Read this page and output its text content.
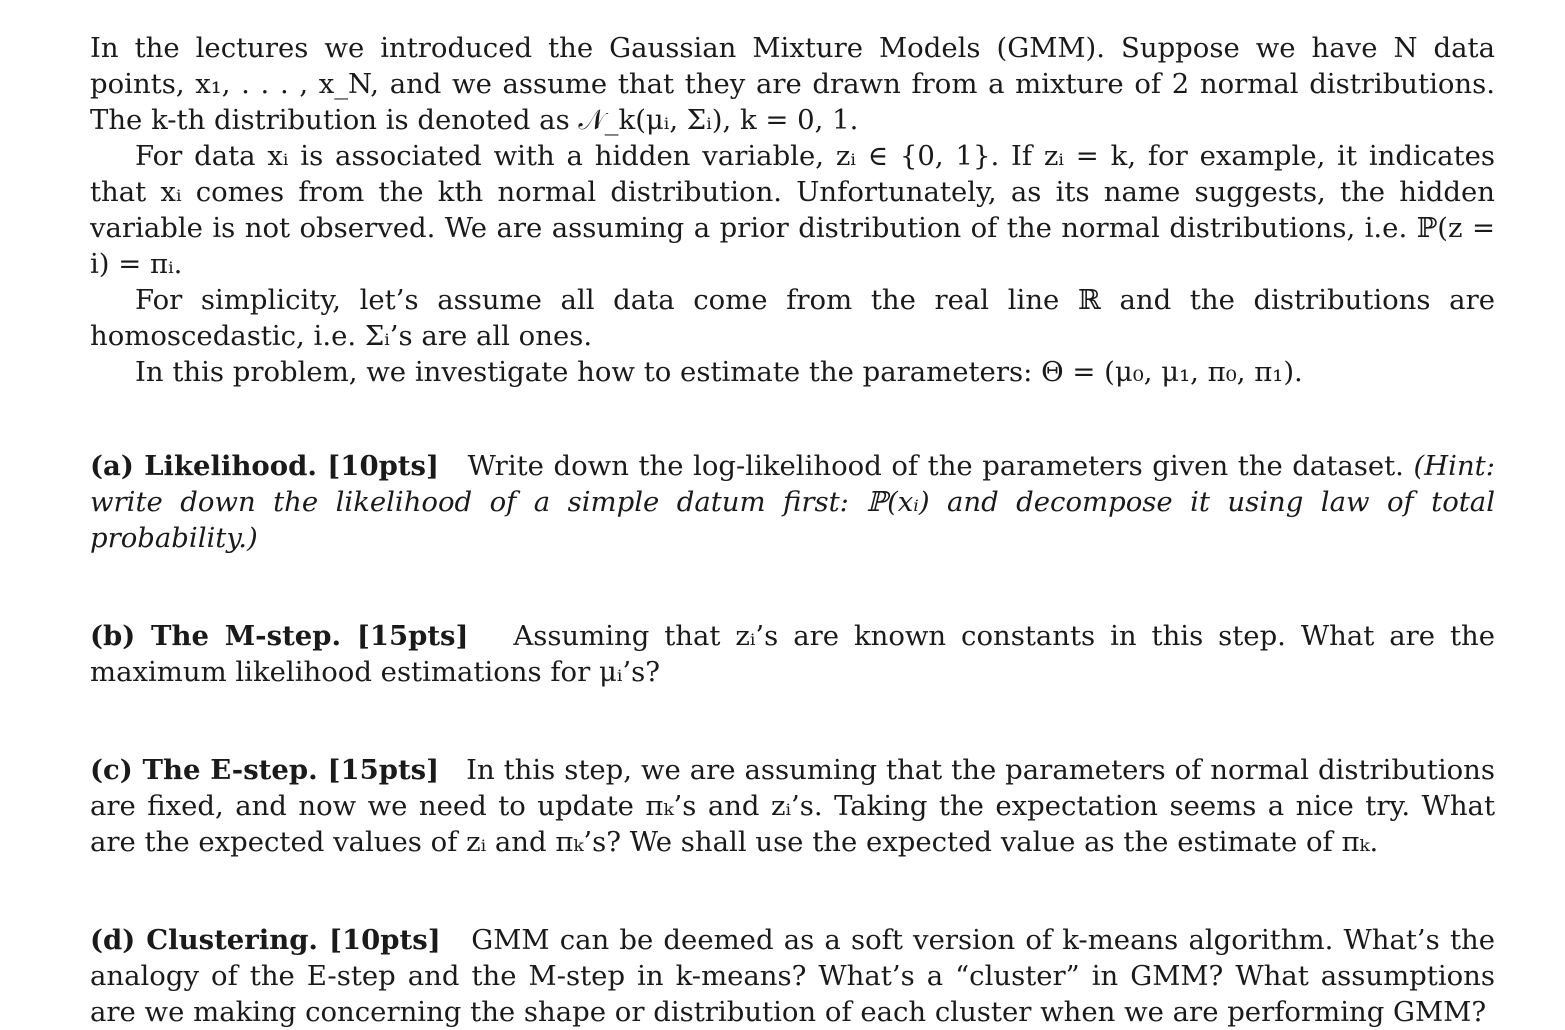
In the lectures we introduced the Gaussian Mixture Models (GMM). Suppose we have N data points, x₁, . . . , x_N, and we assume that they are drawn from a mixture of 2 normal distributions. The k-th distribution is denoted as 𝒩_k(μᵢ, Σᵢ), k = 0, 1.

For data xᵢ is associated with a hidden variable, zᵢ ∈ {0, 1}. If zᵢ = k, for example, it indicates that xᵢ comes from the kth normal distribution. Unfortunately, as its name suggests, the hidden variable is not observed. We are assuming a prior distribution of the normal distributions, i.e. ℙ(z = i) = πᵢ.

For simplicity, let’s assume all data come from the real line ℝ and the distributions are homoscedastic, i.e. Σᵢ’s are all ones.

In this problem, we investigate how to estimate the parameters: Θ = (μ₀, μ₁, π₀, π₁).

(a) Likelihood. [10pts] Write down the log-likelihood of the parameters given the dataset. (Hint: write down the likelihood of a simple datum first: ℙ(xᵢ) and decompose it using law of total probability.)

(b) The M-step. [15pts] Assuming that zᵢ’s are known constants in this step. What are the maximum likelihood estimations for μᵢ’s?

(c) The E-step. [15pts] In this step, we are assuming that the parameters of normal distributions are fixed, and now we need to update πₖ’s and zᵢ’s. Taking the expectation seems a nice try. What are the expected values of zᵢ and πₖ’s? We shall use the expected value as the estimate of πₖ.

(d) Clustering. [10pts] GMM can be deemed as a soft version of k-means algorithm. What’s the analogy of the E-step and the M-step in k-means? What’s a “cluster” in GMM? What assumptions are we making concerning the shape or distribution of each cluster when we are performing GMM?
